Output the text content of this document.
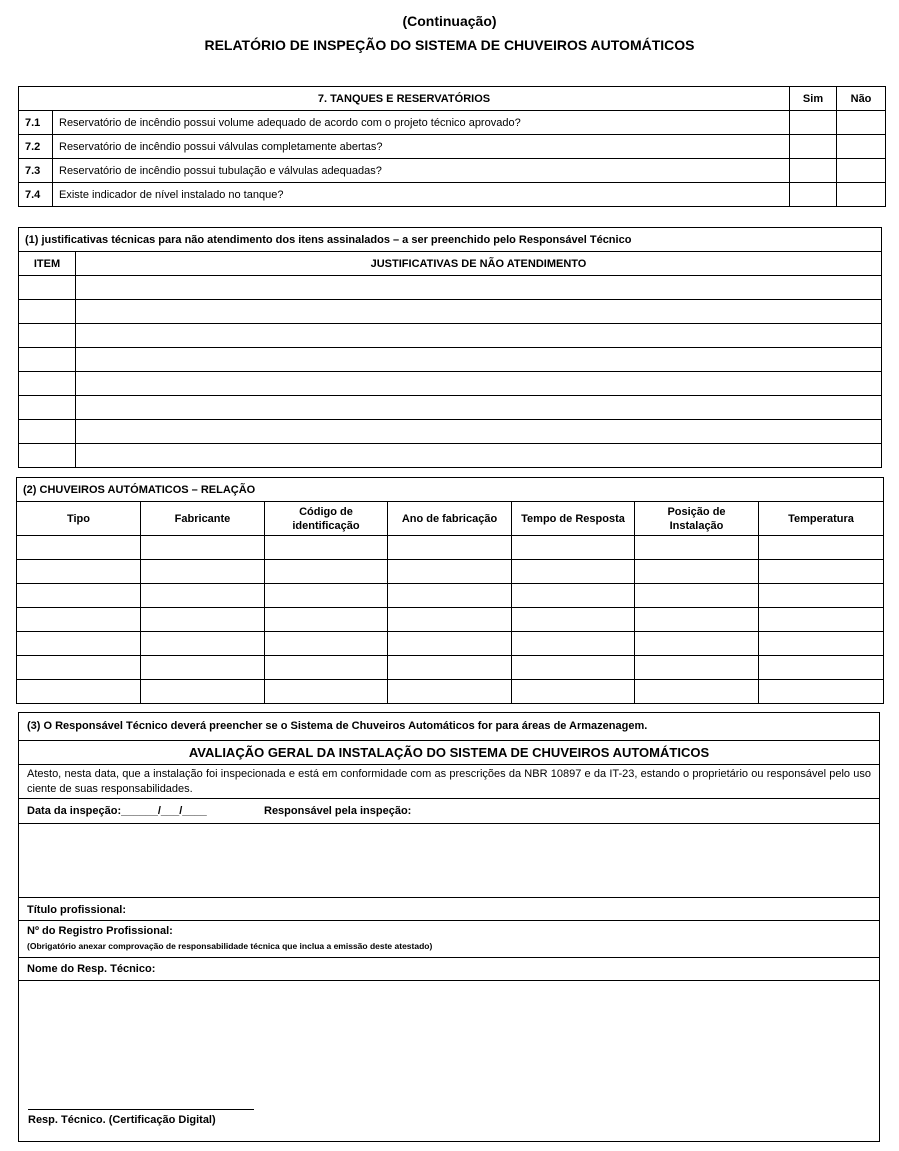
(Continuação)
RELATÓRIO DE INSPEÇÃO DO SISTEMA DE CHUVEIROS AUTOMÁTICOS
7. TANQUES E RESERVATÓRIOS		Sim	Não
7.1	Reservatório de incêndio possui volume adequado de acordo com o projeto técnico aprovado?		
7.2	Reservatório de incêndio possui válvulas completamente abertas?		
7.3	Reservatório de incêndio possui tubulação e válvulas adequadas?		
7.4	Existe indicador de nível instalado no tanque?		
(1) justificativas técnicas para não atendimento dos itens assinalados – a ser preenchido pelo Responsável Técnico	
ITEM	JUSTIFICATIVAS DE NÃO ATENDIMENTO

(2) CHUVEIROS AUTÓMATICOS – RELAÇÃO						
Tipo	Fabricante	Código de identificação	Ano de fabricação	Tempo de Resposta	Posição de Instalação	Temperatura

(3) O Responsável Técnico deverá preencher se o Sistema de Chuveiros Automáticos for para áreas de Armazenagem.
AVALIAÇÃO GERAL DA INSTALAÇÃO DO SISTEMA DE CHUVEIROS AUTOMÁTICOS
Atesto, nesta data, que a instalação foi inspecionada e está em conformidade com as prescrições da NBR 10897 e da IT-23, estando o proprietário ou responsável pelo uso ciente de suas responsabilidades.
Data da inspeção:______/___/____	Responsável pela inspeção:
Título profissional:
Nº do Registro Profissional:
(Obrigatório anexar comprovação de responsabilidade técnica que inclua a emissão deste atestado)
Nome do Resp. Técnico:
Resp. Técnico. (Certificação Digital)
